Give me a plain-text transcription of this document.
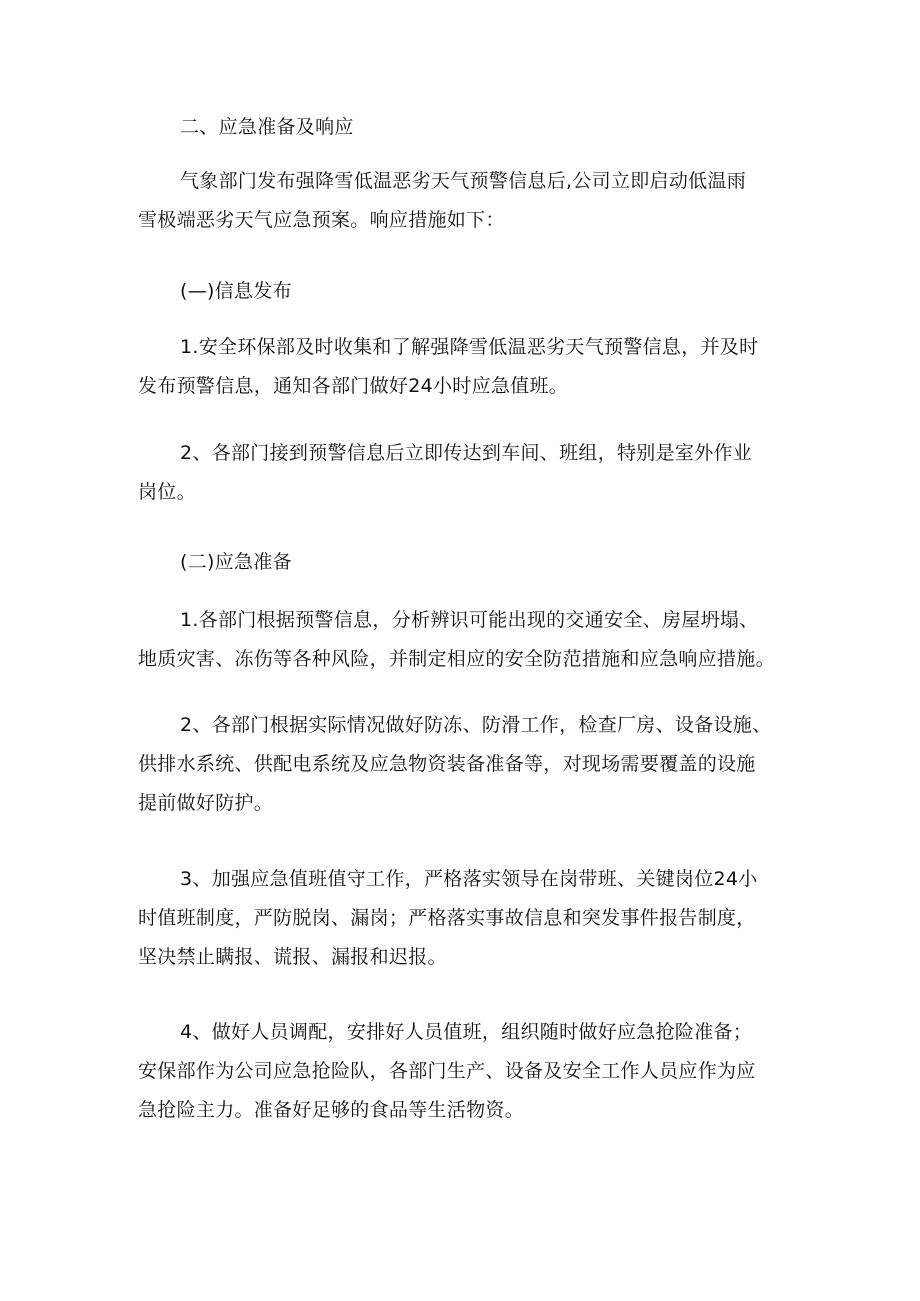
二、应急准备及响应

气象部门发布强降雪低温恶劣天气预警信息后,公司立即启动低温雨
雪极端恶劣天气应急预案。响应措施如下：

(—)信息发布

1.安全环保部及时收集和了解强降雪低温恶劣天气预警信息，并及时
发布预警信息，通知各部门做好24小时应急值班。

2、各部门接到预警信息后立即传达到车间、班组，特别是室外作业
岗位。

(二)应急准备

1.各部门根据预警信息，分析辨识可能出现的交通安全、房屋坍塌、
地质灾害、冻伤等各种风险，并制定相应的安全防范措施和应急响应措施。

2、各部门根据实际情况做好防冻、防滑工作，检查厂房、设备设施、
供排水系统、供配电系统及应急物资装备准备等，对现场需要覆盖的设施
提前做好防护。

3、加强应急值班值守工作，严格落实领导在岗带班、关键岗位24小
时值班制度，严防脱岗、漏岗；严格落实事故信息和突发事件报告制度，
坚决禁止瞒报、谎报、漏报和迟报。

4、做好人员调配，安排好人员值班，组织随时做好应急抢险准备；
安保部作为公司应急抢险队，各部门生产、设备及安全工作人员应作为应
急抢险主力。准备好足够的食品等生活物资。
